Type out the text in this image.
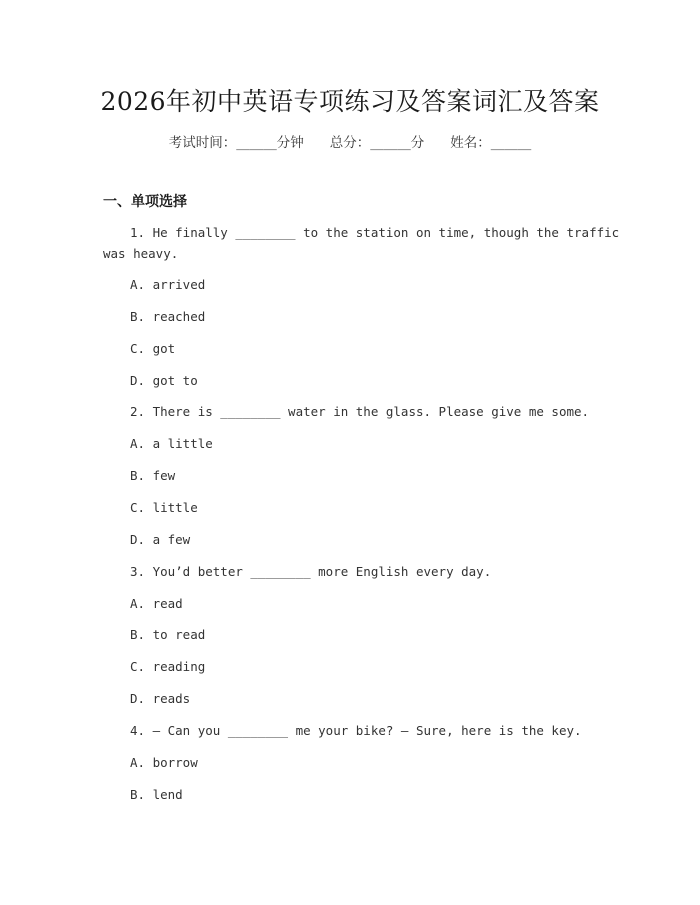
2026年初中英语专项练习及答案词汇及答案
考试时间：______分钟 总分：______分 姓名：______
一、单项选择
1. He finally ________ to the station on time, though the traffic
was heavy.
A. arrived
B. reached
C. got
D. got to
2. There is ________ water in the glass. Please give me some.
A. a little
B. few
C. little
D. a few
3. You’d better ________ more English every day.
A. read
B. to read
C. reading
D. reads
4. — Can you ________ me your bike? — Sure, here is the key.
A. borrow
B. lend
